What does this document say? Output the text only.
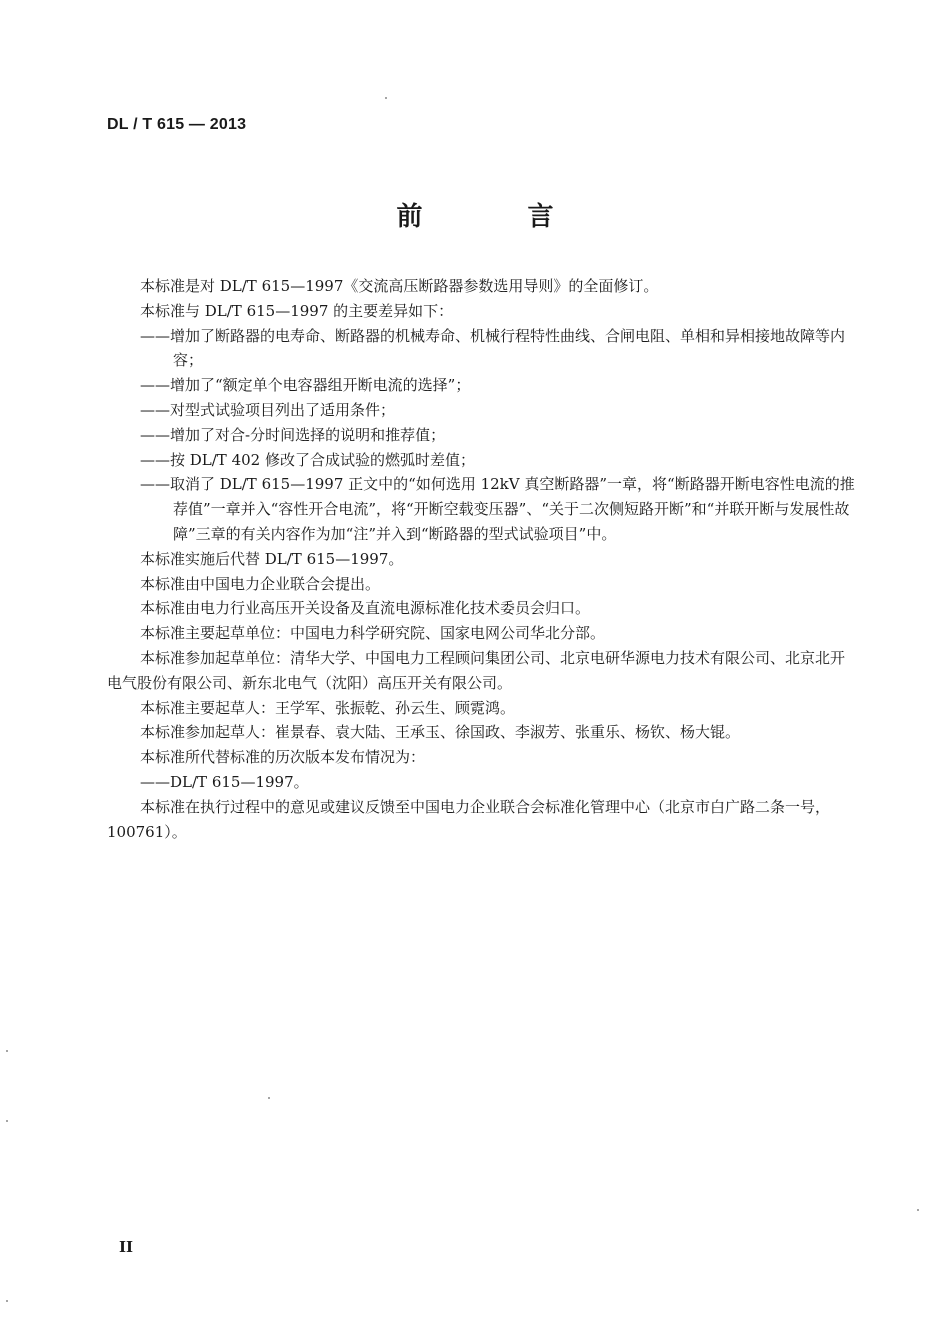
DL / T 615 — 2013
前 言

本标准是对 DL/T 615—1997《交流高压断路器参数选用导则》的全面修订。

本标准与 DL/T 615—1997 的主要差异如下：

——增加了断路器的电寿命、断路器的机械寿命、机械行程特性曲线、合闸电阻、单相和异相接地故障等内容；

——增加了“额定单个电容器组开断电流的选择”；

——对型式试验项目列出了适用条件；

——增加了对合-分时间选择的说明和推荐值；

——按 DL/T 402 修改了合成试验的燃弧时差值；

——取消了 DL/T 615—1997 正文中的“如何选用 12kV 真空断路器”一章，将“断路器开断电容性电流的推荐值”一章并入“容性开合电流”，将“开断空载变压器”、“关于二次侧短路开断”和“并联开断与发展性故障”三章的有关内容作为加“注”并入到“断路器的型式试验项目”中。

本标准实施后代替 DL/T 615—1997。

本标准由中国电力企业联合会提出。

本标准由电力行业高压开关设备及直流电源标准化技术委员会归口。

本标准主要起草单位：中国电力科学研究院、国家电网公司华北分部。

本标准参加起草单位：清华大学、中国电力工程顾问集团公司、北京电研华源电力技术有限公司、北京北开电气股份有限公司、新东北电气（沈阳）高压开关有限公司。

本标准主要起草人：王学军、张振乾、孙云生、顾霓鸿。

本标准参加起草人：崔景春、袁大陆、王承玉、徐国政、李淑芳、张重乐、杨钦、杨大锟。

本标准所代替标准的历次版本发布情况为：

——DL/T 615—1997。

本标准在执行过程中的意见或建议反馈至中国电力企业联合会标准化管理中心（北京市白广路二条一号，100761）。

II
